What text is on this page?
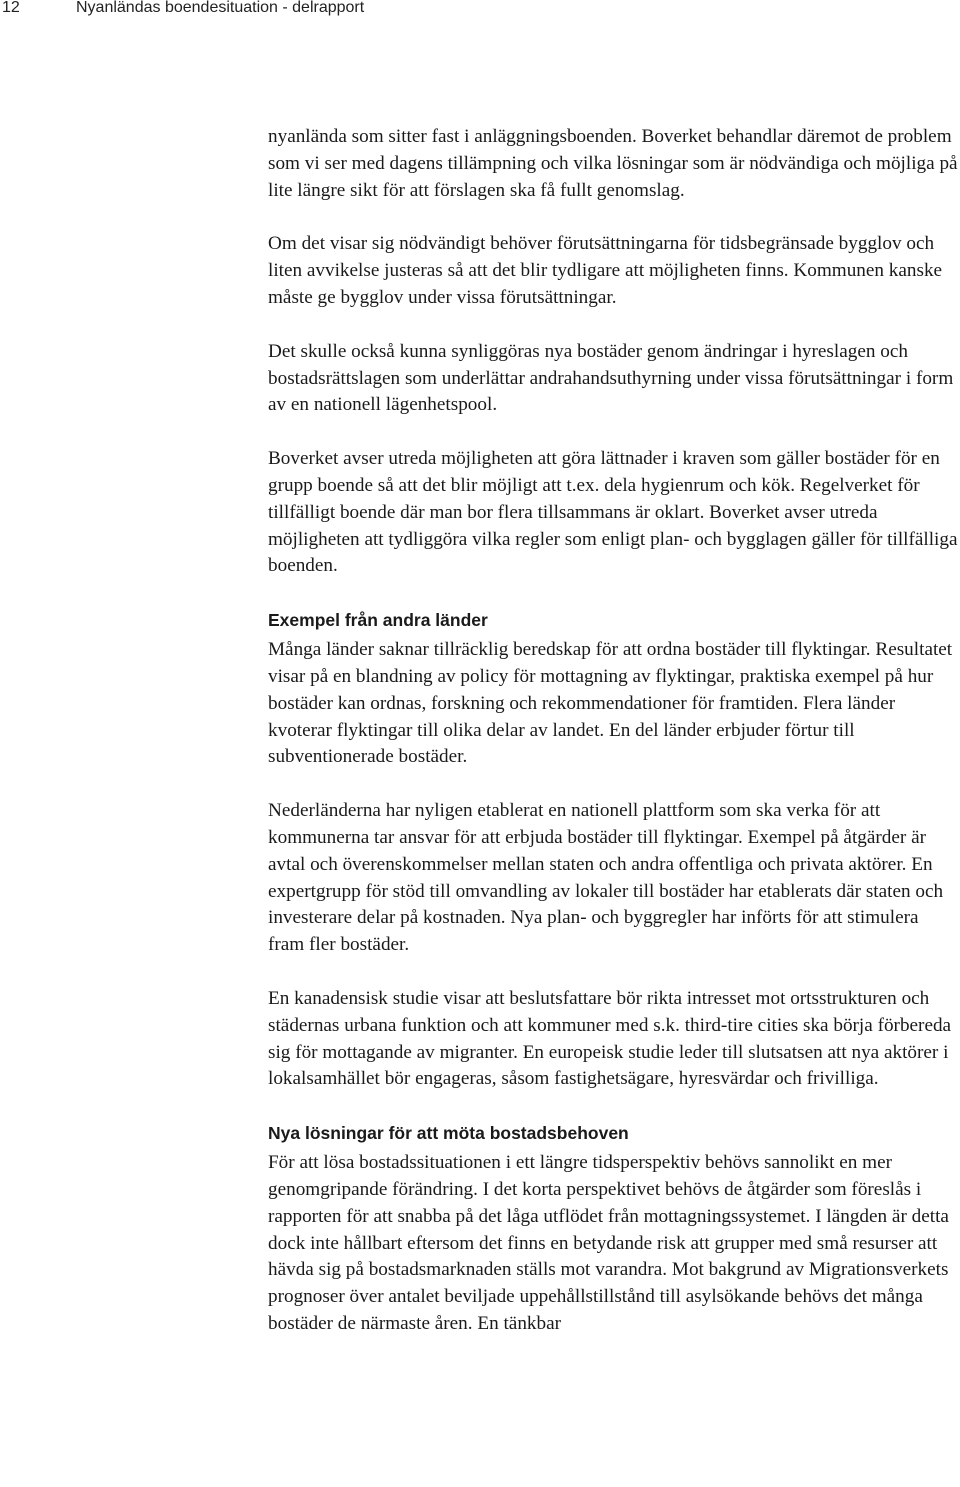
12	Nyanländas boendesituation - delrapport

nyanlända som sitter fast i anläggningsboenden. Boverket behandlar däremot de problem som vi ser med dagens tillämpning och vilka lösningar som är nödvändiga och möjliga på lite längre sikt för att förslagen ska få fullt genomslag.

Om det visar sig nödvändigt behöver förutsättningarna för tidsbegränsade bygglov och liten avvikelse justeras så att det blir tydligare att möjligheten finns. Kommunen kanske måste ge bygglov under vissa förutsättningar.

Det skulle också kunna synliggöras nya bostäder genom ändringar i hyreslagen och bostadsrättslagen som underlättar andrahandsuthyrning under vissa förutsättningar i form av en nationell lägenhetspool.

Boverket avser utreda möjligheten att göra lättnader i kraven som gäller bostäder för en grupp boende så att det blir möjligt att t.ex. dela hygienrum och kök. Regelverket för tillfälligt boende där man bor flera tillsammans är oklart. Boverket avser utreda möjligheten att tydliggöra vilka regler som enligt plan- och bygglagen gäller för tillfälliga boenden.

Exempel från andra länder

Många länder saknar tillräcklig beredskap för att ordna bostäder till flyktingar. Resultatet visar på en blandning av policy för mottagning av flyktingar, praktiska exempel på hur bostäder kan ordnas, forskning och rekommendationer för framtiden. Flera länder kvoterar flyktingar till olika delar av landet. En del länder erbjuder förtur till subventionerade bostäder.

Nederländerna har nyligen etablerat en nationell plattform som ska verka för att kommunerna tar ansvar för att erbjuda bostäder till flyktingar. Exempel på åtgärder är avtal och överenskommelser mellan staten och andra offentliga och privata aktörer. En expertgrupp för stöd till omvandling av lokaler till bostäder har etablerats där staten och investerare delar på kostnaden. Nya plan- och byggregler har införts för att stimulera fram fler bostäder.

En kanadensisk studie visar att beslutsfattare bör rikta intresset mot ortsstrukturen och städernas urbana funktion och att kommuner med s.k. third-tire cities ska börja förbereda sig för mottagande av migranter. En europeisk studie leder till slutsatsen att nya aktörer i lokalsamhället bör engageras, såsom fastighetsägare, hyresvärdar och frivilliga.

Nya lösningar för att möta bostadsbehoven

För att lösa bostadssituationen i ett längre tidsperspektiv behövs sannolikt en mer genomgripande förändring. I det korta perspektivet behövs de åtgärder som föreslås i rapporten för att snabba på det låga utflödet från mottagningssystemet. I längden är detta dock inte hållbart eftersom det finns en betydande risk att grupper med små resurser att hävda sig på bostadsmarknaden ställs mot varandra. Mot bakgrund av Migrationsverkets prognoser över antalet beviljade uppehållstillstånd till asylsökande behövs det många bostäder de närmaste åren. En tänkbar
